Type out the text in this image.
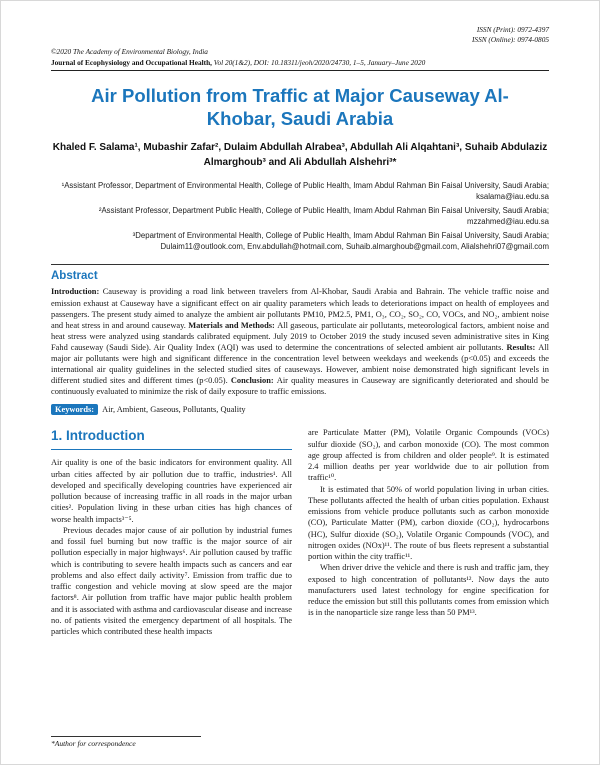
ISSN (Print): 0972-4397
ISSN (Online): 0974-0805
©2020 The Academy of Environmental Biology, India
Journal of Ecophysiology and Occupational Health, Vol 20(1&2), DOI: 10.18311/jeoh/2020/24730, 1–5, January–June 2020
Air Pollution from Traffic at Major Causeway Al-Khobar, Saudi Arabia
Khaled F. Salama¹, Mubashir Zafar², Dulaim Abdullah Alrabea³, Abdullah Ali Alqahtani³, Suhaib Abdulaziz Almarghoub³ and Ali Abdullah Alshehri³*
¹Assistant Professor, Department of Environmental Health, College of Public Health, Imam Abdul Rahman Bin Faisal University, Saudi Arabia; ksalama@iau.edu.sa
²Assistant Professor, Department Public Health, College of Public Health, Imam Abdul Rahman Bin Faisal University, Saudi Arabia; mzzahmed@iau.edu.sa
³Department of Environmental Health, College of Public Health, Imam Abdul Rahman Bin Faisal University, Saudi Arabia; Dulaim11@outlook.com, Env.abdullah@hotmail.com, Suhaib.almarghoub@gmail.com, Alialshehri07@gmail.com
Abstract

Introduction: Causeway is providing a road link between travelers from Al-Khobar, Saudi Arabia and Bahrain. The vehicle traffic noise and emission exhaust at Causeway have a significant effect on air quality parameters which leads to deteriorations impact on health of employees and passengers. The present study aimed to analyze the ambient air pollutants PM10, PM2.5, PM1, O₃, CO₂, SO₂, CO, VOCs, and NO₂, ambient noise and heat stress in and around causeway. Materials and Methods: All gaseous, particulate air pollutants, meteorological factors, ambient noise and heat stress were analyzed using standards calibrated equipment. July 2019 to October 2019 the study incused seven administrative sites in King Fahd causeway (Saudi Side). Air Quality Index (AQI) was used to determine the concentrations of selected ambient air pollutants. Results: All major air pollutants were high and significant difference in the concentration level between weekdays and weekends (p<0.05) and exceeds the international air quality guidelines in the selected studied sites of causeways. However, ambient noise demonstrated high significant levels in different studied sites and different times (p<0.05). Conclusion: Air quality measures in Causeway are significantly deteriorated and should be continuously evaluated to minimize the risk of daily exposure to traffic emissions.

Keywords: Air, Ambient, Gaseous, Pollutants, Quality

1. Introduction

Air quality is one of the basic indicators for environment quality. All urban cities affected by air pollution due to traffic, industries¹. All developed and specifically developing countries have experienced air pollution because of increasing traffic in all roads in the major urban cities². Population living in these urban cities has high chances of worse health impacts³⁻⁵.

Previous decades major cause of air pollution by industrial fumes and fossil fuel burning but now traffic is the major source of air pollution especially in major highways⁶. Air pollution caused by traffic which is contributing to severe health impacts such as cancers and ear problems and also effect daily activity⁷. Emission from traffic due to traffic congestion and vehicle moving at slow speed are the major factors⁸. Air pollution from traffic have major public health problem and it is associated with asthma and cardiovascular disease and increase no. of patients visited the emergency department of all hospitals. The particles which contributed these health impacts

are Particulate Matter (PM), Volatile Organic Compounds (VOCs) sulfur dioxide (SO₂), and carbon monoxide (CO). The most common age group affected is from children and older people⁹. It is estimated 2.4 million deaths per year worldwide due to air pollution from traffic¹⁰.

It is estimated that 50% of world population living in urban cities. These pollutants affected the health of urban cities population. Exhaust emissions from vehicle produce pollutants such as carbon monoxide (CO), Particulate Matter (PM), carbon dioxide (CO₂), hydrocarbons (HC), Sulfur dioxide (SO₂), Volatile Organic Compounds (VOC), and nitrogen oxides (NOx)¹¹. The route of bus fleets represent a substantial portion within the city traffic¹¹.

When driver drive the vehicle and there is rush and traffic jam, they exposed to high concentration of pollutants¹². Now days the auto manufacturers used latest technology for engine specification for reduce the emission but still this pollutants comes from emission which is in the nanoparticle size range less than 50 PM¹³.

*Author for correspondence
